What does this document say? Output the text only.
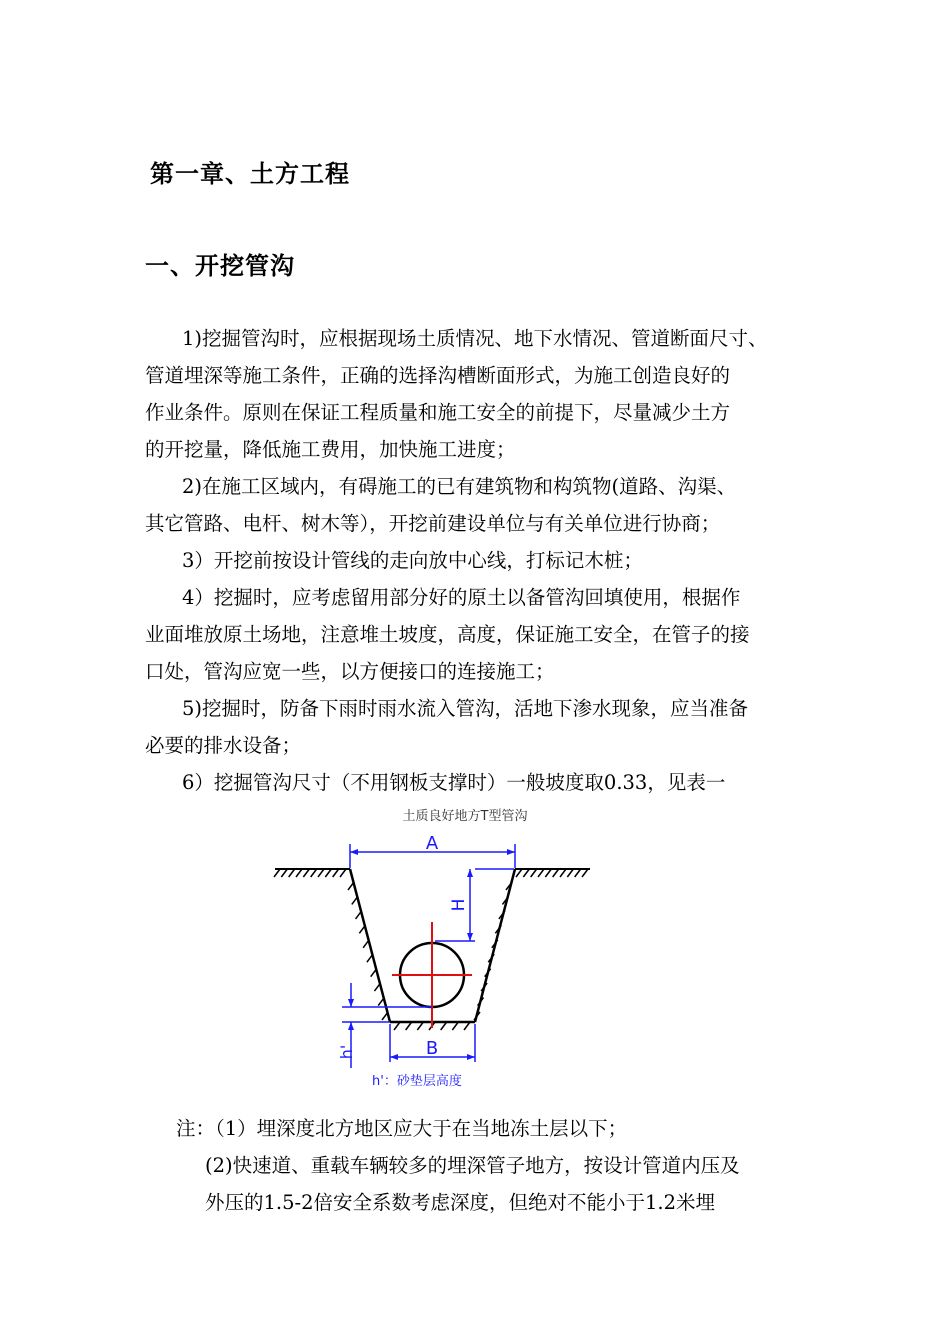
第一章、土方工程
一、开挖管沟
1)挖掘管沟时，应根据现场土质情况、地下水情况、管道断面尺寸、
管道埋深等施工条件，正确的选择沟槽断面形式，为施工创造良好的
作业条件。原则在保证工程质量和施工安全的前提下，尽量减少土方
的开挖量，降低施工费用，加快施工进度；
2)在施工区域内，有碍施工的已有建筑物和构筑物(道路、沟渠、
其它管路、电杆、树木等），开挖前建设单位与有关单位进行协商；
3）开挖前按设计管线的走向放中心线，打标记木桩；
4）挖掘时，应考虑留用部分好的原土以备管沟回填使用，根据作
业面堆放原土场地，注意堆土坡度，高度，保证施工安全，在管子的接
口处，管沟应宽一些，以方便接口的连接施工；
5)挖掘时，防备下雨时雨水流入管沟，活地下渗水现象，应当准备
必要的排水设备；
6）挖掘管沟尺寸（不用钢板支撑时）一般坡度取0.33，见表一
土质良好地方T型管沟
A
H
h'	B
h'：砂垫层高度
注：（1）埋深度北方地区应大于在当地冻土层以下；
(2)快速道、重载车辆较多的埋深管子地方，按设计管道内压及
外压的1.5-2倍安全系数考虑深度，但绝对不能小于1.2米埋
